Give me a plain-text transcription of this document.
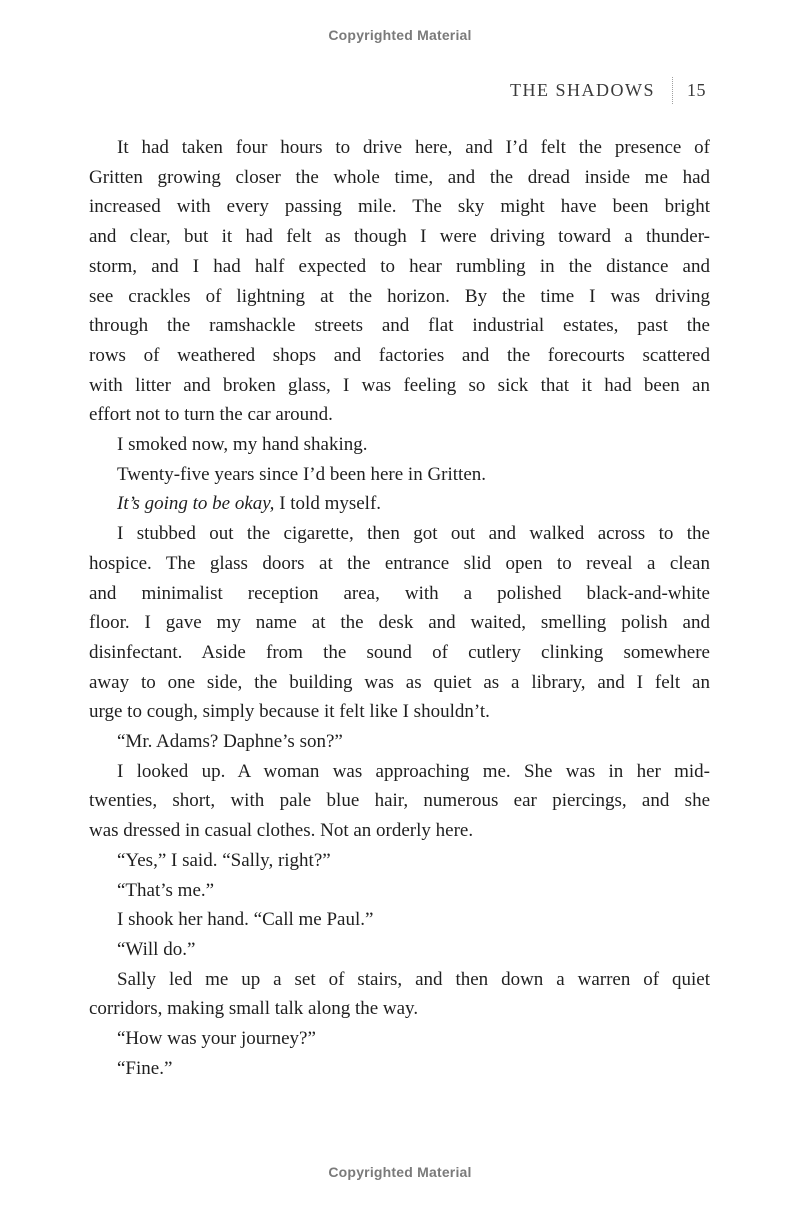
Copyrighted Material
THE SHADOWS 15
It had taken four hours to drive here, and I’d felt the presence of
Gritten growing closer the whole time, and the dread inside me had
increased with every passing mile. The sky might have been bright
and clear, but it had felt as though I were driving toward a thunder-
storm, and I had half expected to hear rumbling in the distance and
see crackles of lightning at the horizon. By the time I was driving
through the ramshackle streets and flat industrial estates, past the
rows of weathered shops and factories and the forecourts scattered
with litter and broken glass, I was feeling so sick that it had been an
effort not to turn the car around.
I smoked now, my hand shaking.
Twenty-five years since I’d been here in Gritten.
It’s going to be okay, I told myself.
I stubbed out the cigarette, then got out and walked across to the
hospice. The glass doors at the entrance slid open to reveal a clean
and minimalist reception area, with a polished black-and-white
floor. I gave my name at the desk and waited, smelling polish and
disinfectant. Aside from the sound of cutlery clinking somewhere
away to one side, the building was as quiet as a library, and I felt an
urge to cough, simply because it felt like I shouldn’t.
“Mr. Adams? Daphne’s son?”
I looked up. A woman was approaching me. She was in her mid-
twenties, short, with pale blue hair, numerous ear piercings, and she
was dressed in casual clothes. Not an orderly here.
“Yes,” I said. “Sally, right?”
“That’s me.”
I shook her hand. “Call me Paul.”
“Will do.”
Sally led me up a set of stairs, and then down a warren of quiet
corridors, making small talk along the way.
“How was your journey?”
“Fine.”
Copyrighted Material
